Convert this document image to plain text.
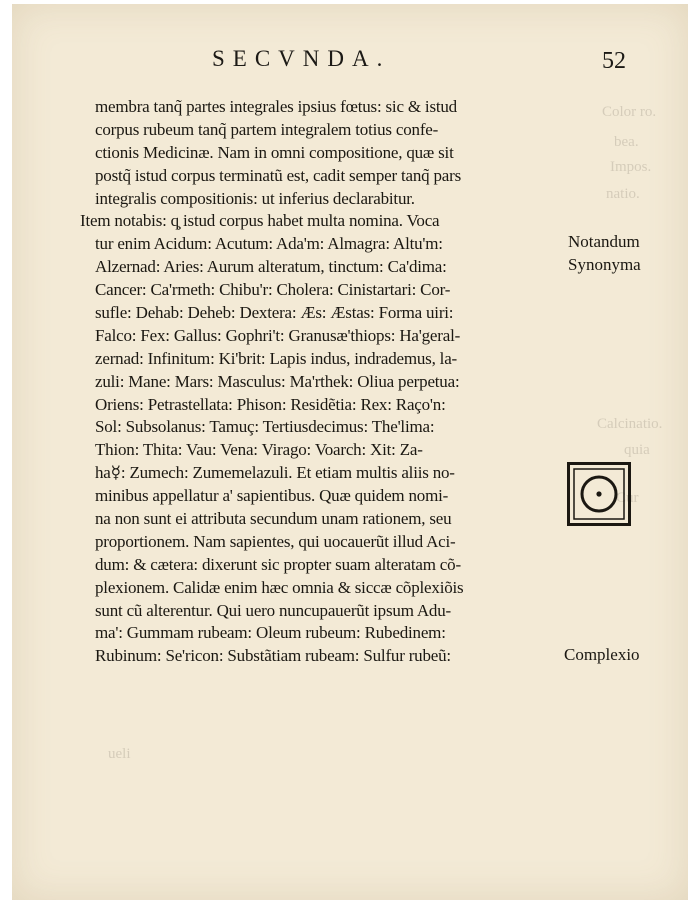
SECVNDA.	52
Color ro.
bea.
Impos.
natio.
Calcinatio.
quia
Cur
ueli
membra tanq̃ partes integrales ipsius fœtus: sic & istud
corpus rubeum tanq̃ partem integralem totius confe-
ctionis Medicinæ. Nam in omni compositione, quæ sit
postq̃ istud corpus terminatũ est, cadit semper tanq̃ pars
integralis compositionis: ut inferius declarabitur.
Item notabis: q̧ istud corpus habet multa nomina. Voca
tur enim Acidum: Acutum: Ada'm: Almagra: Altu'm:
Alzernad: Aries: Aurum alteratum, tinctum: Ca'dima:
Cancer: Ca'rmeth: Chibu'r: Cholera: Cinistartari: Cor-
sufle: Dehab: Deheb: Dextera: Æs: Æstas: Forma uiri:
Falco: Fex: Gallus: Gophri't: Granusæ'thiops: Ha'geral-
zernad: Infinitum: Ki'brit: Lapis indus, indrademus, la-
zuli: Mane: Mars: Masculus: Ma'rthek: Oliua perpetua:
Oriens: Petrastellata: Phison: Residẽtia: Rex: Raço'n:
Sol: Subsolanus: Tamuç: Tertiusdecimus: The'lima:
Thion: Thita: Vau: Vena: Virago: Voarch: Xit: Za-
ha☿: Zumech: Zumemelazuli. Et etiam multis aliis no-
minibus appellatur a' sapientibus. Quæ quidem nomi-
na non sunt ei attributa secundum unam rationem, seu
proportionem. Nam sapientes, qui uocauerũt illud Aci-
dum: & cætera: dixerunt sic propter suam alteratam cõ-
plexionem. Calidæ enim hæc omnia & siccæ cõplexiõis
sunt cũ alterentur. Qui uero nuncupauerũt ipsum Adu-
ma': Gummam rubeam: Oleum rubeum: Rubedinem:
Rubinum: Se'ricon: Substãtiam rubeam: Sulfur rubeũ:
Notandum
Synonyma
Complexio
